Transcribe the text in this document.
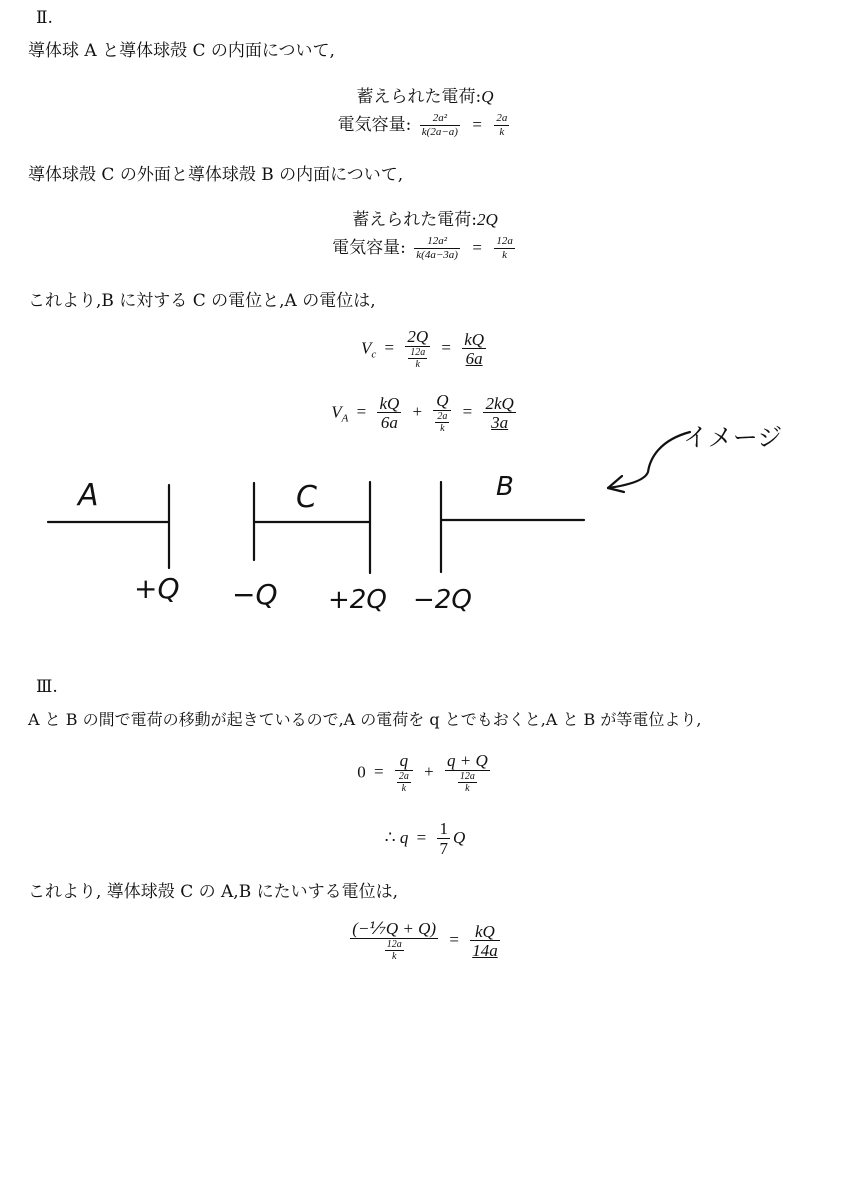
Ⅱ.
導体球 A と導体球殻 C の内面について,
蓄えられた電荷:Q
電気容量: $\frac{\text{2a²}}{k(2a-a)} = \frac{2a}{k}$
導体球殻 C の外面と導体球殻 B の内面について,
蓄えられた電荷:2Q
電気容量: $\frac{\text{12a²}}{k(4a-3a)} = \frac{12a}{k}$
これより,B に対する C の電位と,A の電位は,
$V_c = \frac{2Q}{\frac{12a}{k}} = \frac{kQ}{6a}$
$V_A = \frac{kQ}{6a} + \frac{Q}{\frac{2a}{k}} = \frac{2kQ}{3a}$
A	C	B
イメージ
+Q −Q +2Q −2Q
Ⅲ.
A と B の間で電荷の移動が起きているので,A の電荷を q とでもおくと,A と B が等電位より,
$0 = \frac{q}{\frac{2a}{k}} + \frac{q + Q}{\frac{12a}{k}}$
∴ $q = \frac{1}{7}$ Q
これより, 導体球殻 C の A,B にたいする電位は,
$\frac{\text{(−⅐Q + Q)}}{\frac{12a}{k}} = \frac{kQ}{14a}$
